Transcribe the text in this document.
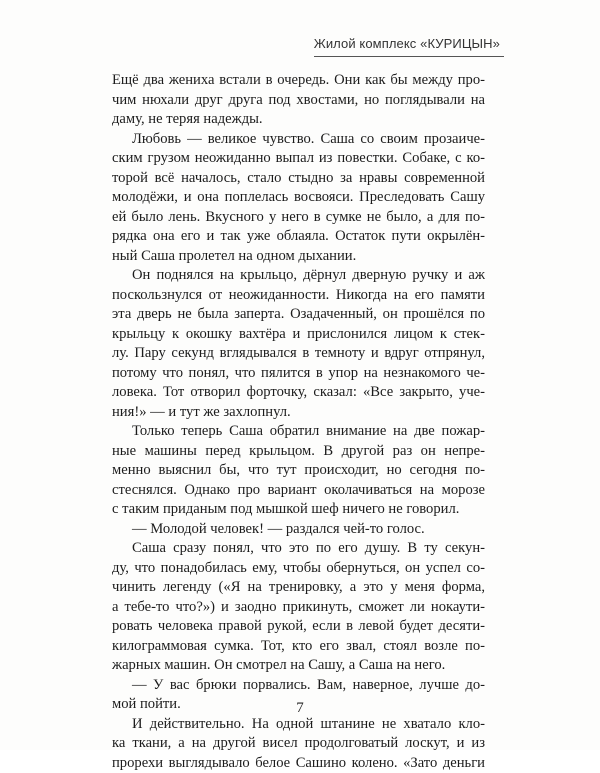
Жилой комплекс «КУРИЦЫН»
Ещё два жениха встали в очередь. Они как бы между про-
чим нюхали друг друга под хвостами, но поглядывали на
даму, не теряя надежды.
Любовь — великое чувство. Саша со своим прозаиче-
ским грузом неожиданно выпал из повестки. Собаке, с ко-
торой всё началось, стало стыдно за нравы современной
молодёжи, и она поплелась восвояси. Преследовать Сашу
ей было лень. Вкусного у него в сумке не было, а для по-
рядка она его и так уже облаяла. Остаток пути окрылён-
ный Саша пролетел на одном дыхании.
Он поднялся на крыльцо, дёрнул дверную ручку и аж
поскользнулся от неожиданности. Никогда на его памяти
эта дверь не была заперта. Озадаченный, он прошёлся по
крыльцу к окошку вахтёра и прислонился лицом к стек-
лу. Пару секунд вглядывался в темноту и вдруг отпрянул,
потому что понял, что пялится в упор на незнакомого че-
ловека. Тот отворил форточку, сказал: «Все закрыто, уче-
ния!» — и тут же захлопнул.
Только теперь Саша обратил внимание на две пожар-
ные машины перед крыльцом. В другой раз он непре-
менно выяснил бы, что тут происходит, но сегодня по-
стеснялся. Однако про вариант околачиваться на морозе
с таким приданым под мышкой шеф ничего не говорил.
— Молодой человек! — раздался чей-то голос.
Саша сразу понял, что это по его душу. В ту секун-
ду, что понадобилась ему, чтобы обернуться, он успел со-
чинить легенду («Я на тренировку, а это у меня форма,
а тебе-то что?») и заодно прикинуть, сможет ли нокаути-
ровать человека правой рукой, если в левой будет десяти-
килограммовая сумка. Тот, кто его звал, стоял возле по-
жарных машин. Он смотрел на Сашу, а Саша на него.
— У вас брюки порвались. Вам, наверное, лучше до-
мой пойти.
И действительно. На одной штанине не хватало кло-
ка ткани, а на другой висел продолговатый лоскут, и из
прорехи выглядывало белое Сашино колено. «Зато деньги
7
